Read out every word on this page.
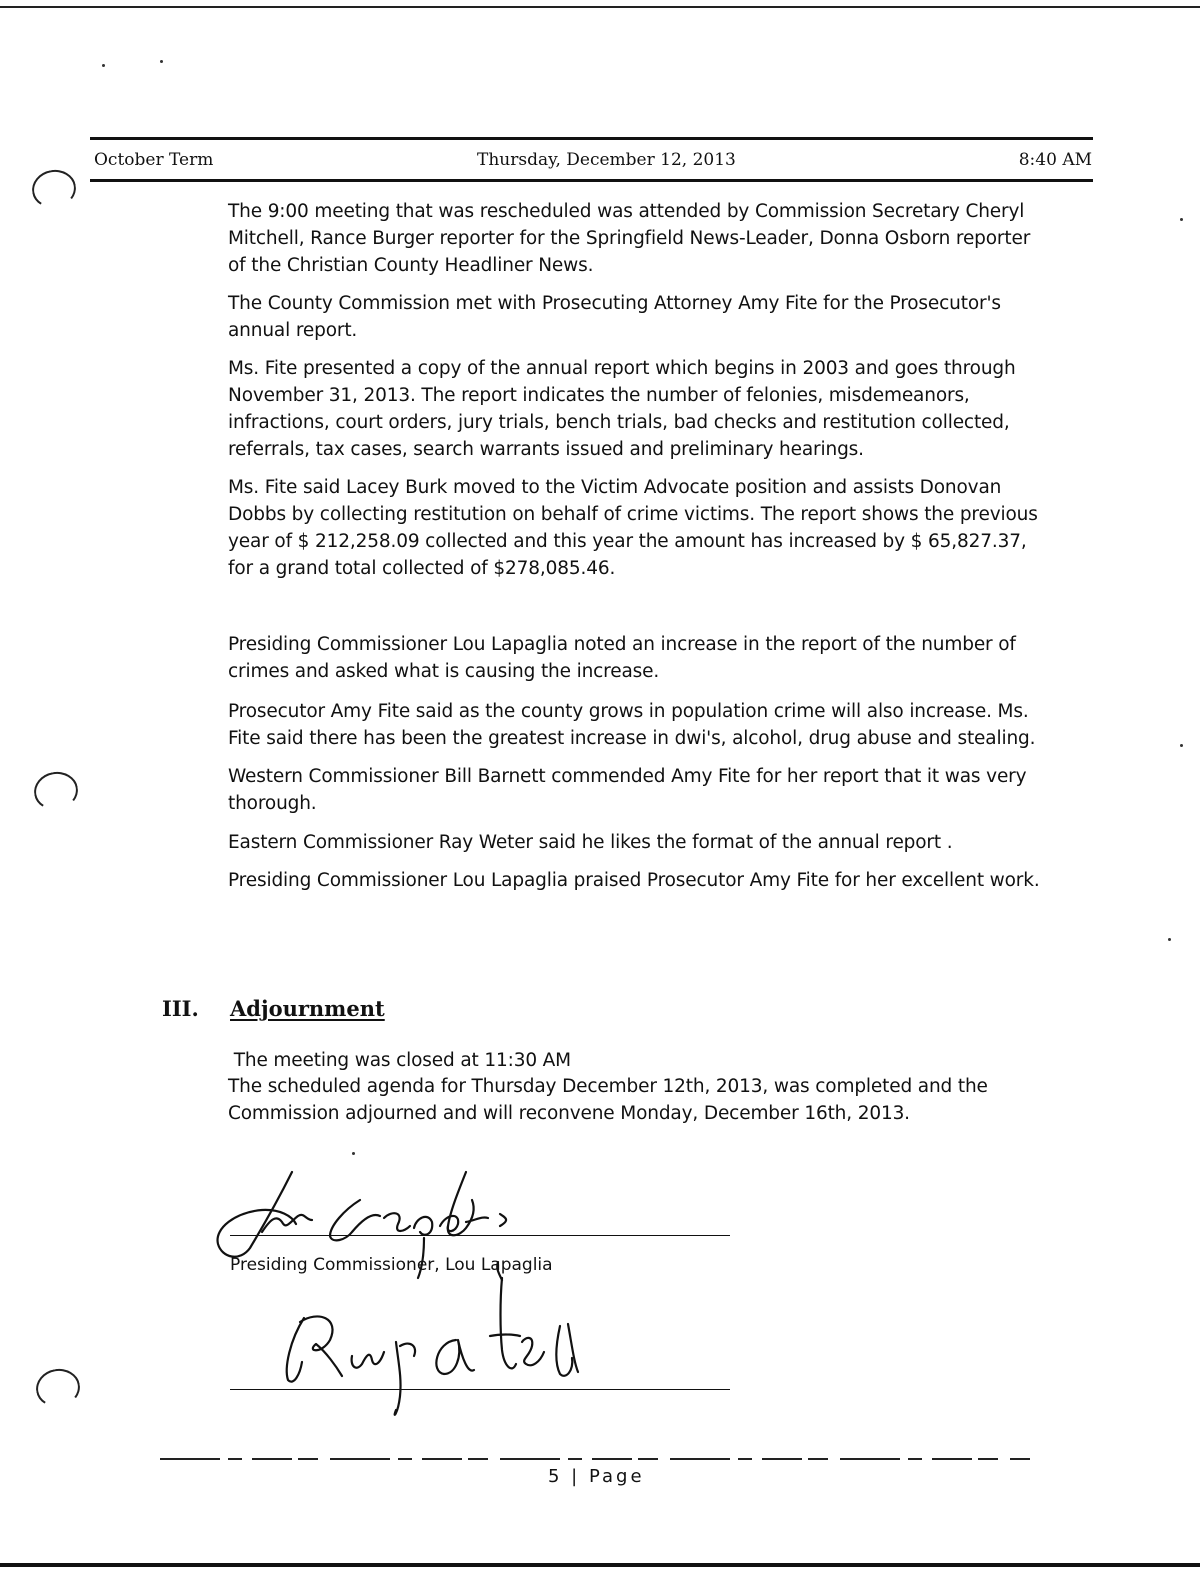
October Term	Thursday, December 12, 2013	8:40 AM

The 9:00 meeting that was rescheduled was attended by Commission Secretary Cheryl Mitchell, Rance Burger reporter for the Springfield News-Leader, Donna Osborn reporter of the Christian County Headliner News.

The County Commission met with Prosecuting Attorney Amy Fite for the Prosecutor's annual report.

Ms. Fite presented a copy of the annual report which begins in 2003 and goes through November 31, 2013. The report indicates the number of felonies, misdemeanors, infractions, court orders, jury trials, bench trials, bad checks and restitution collected, referrals, tax cases, search warrants issued and preliminary hearings.

Ms. Fite said Lacey Burk moved to the Victim Advocate position and assists Donovan Dobbs by collecting restitution on behalf of crime victims. The report shows the previous year of $ 212,258.09 collected and this year the amount has increased by $ 65,827.37, for a grand total collected of $278,085.46.

Presiding Commissioner Lou Lapaglia noted an increase in the report of the number of crimes and asked what is causing the increase.

Prosecutor Amy Fite said as the county grows in population crime will also increase. Ms. Fite said there has been the greatest increase in dwi's, alcohol, drug abuse and stealing.

Western Commissioner Bill Barnett commended Amy Fite for her report that it was very thorough.

Eastern Commissioner Ray Weter said he likes the format of the annual report .

Presiding Commissioner Lou Lapaglia praised Prosecutor Amy Fite for her excellent work.

III. Adjournment

The meeting was closed at 11:30 AM

The scheduled agenda for Thursday December 12th, 2013, was completed and the Commission adjourned and will reconvene Monday, December 16th, 2013.

Presiding Commissioner, Lou Lapaglia
5 | Page
